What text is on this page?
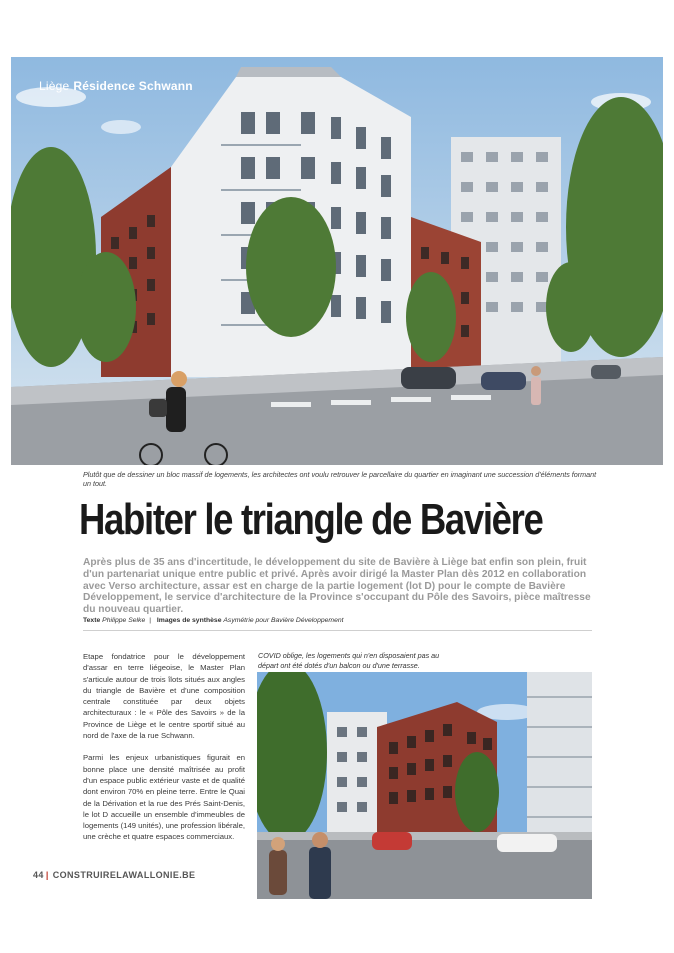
Liège Résidence Schwann
Plutôt que de dessiner un bloc massif de logements, les architectes ont voulu retrouver le parcellaire du quartier en imaginant une succession d'éléments formant un tout.
Habiter le triangle de Bavière
Après plus de 35 ans d'incertitude, le développement du site de Bavière à Liège bat enfin son plein, fruit d'un partenariat unique entre public et privé. Après avoir dirigé la Master Plan dès 2012 en collaboration avec Verso architecture, assar est en charge de la partie logement (lot D) pour le compte de Bavière Développement, le service d'architecture de la Province s'occupant du Pôle des Savoirs, pièce maîtresse du nouveau quartier.
Texte Philippe Selke | Images de synthèse Asymétrie pour Bavière Développement

Etape fondatrice pour le développement d'assar en terre liégeoise, le Master Plan s'articule autour de trois îlots situés aux angles du triangle de Bavière et d'une composition centrale constituée par deux objets architecturaux : le « Pôle des Savoirs » de la Province de Liège et le centre sportif situé au nord de l'axe de la rue Schwann.

Parmi les enjeux urbanistiques figurait en bonne place une densité maîtrisée au profit d'un espace public extérieur vaste et de qualité dont environ 70% en pleine terre. Entre le Quai de la Dérivation et la rue des Prés Saint-Denis, le lot D accueille un ensemble d'immeubles de logements (149 unités), une profession libérale, une crèche et quatre espaces commerciaux.

COVID oblige, les logements qui n'en disposaient pas au départ ont été dotés d'un balcon ou d'une terrasse.
44 | CONSTRUIRELAWALLONIE.BE
